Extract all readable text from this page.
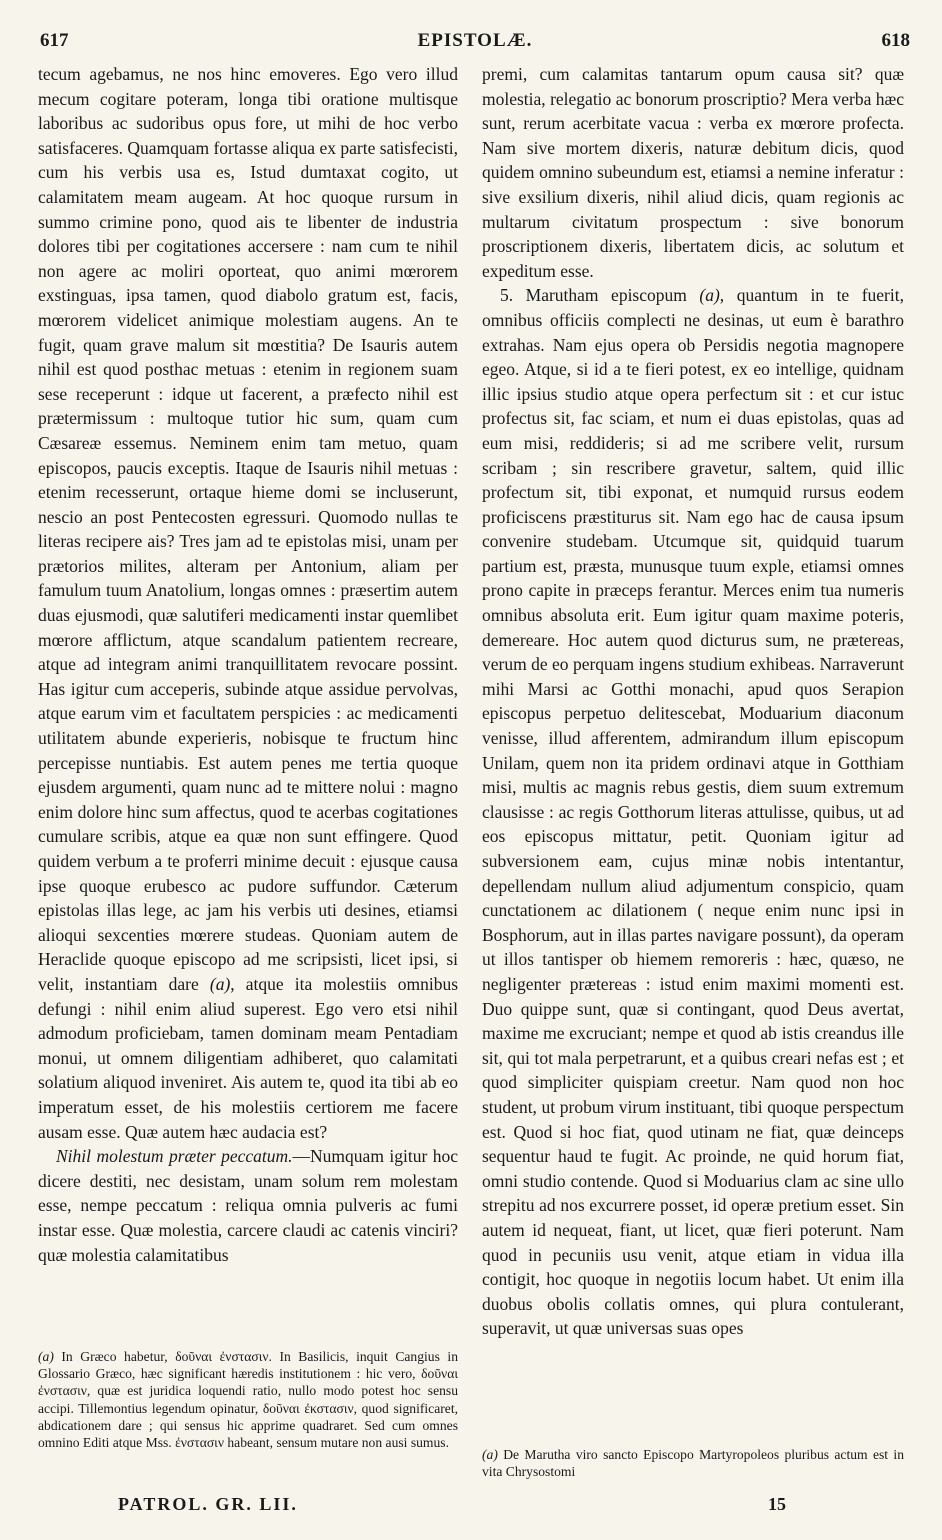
617	EPISTOLÆ.	618

tecum agebamus, ne nos hinc emoveres. Ego vero illud mecum cogitare poteram, longa tibi oratione multisque laboribus ac sudoribus opus fore, ut mihi de hoc verbo satisfaceres. Quamquam fortasse aliqua ex parte satisfecisti, cum his verbis usa es, Istud dumtaxat cogito, ut calamitatem meam augeam. At hoc quoque rursum in summo crimine pono, quod ais te libenter de industria dolores tibi per cogitationes accersere : nam cum te nihil non agere ac moliri oporteat, quo animi mœrorem exstinguas, ipsa tamen, quod diabolo gratum est, facis, mœrorem videlicet animique molestiam augens. An te fugit, quam grave malum sit mœstitia? De Isauris autem nihil est quod posthac metuas : etenim in regionem suam sese receperunt : idque ut facerent, a præfecto nihil est prætermissum : multoque tutior hic sum, quam cum Cæsareæ essemus. Neminem enim tam metuo, quam episcopos, paucis exceptis. Itaque de Isauris nihil metuas : etenim recesserunt, ortaque hieme domi se incluserunt, nescio an post Pentecosten egressuri. Quomodo nullas te literas recipere ais? Tres jam ad te epistolas misi, unam per prætorios milites, alteram per Antonium, aliam per famulum tuum Anatolium, longas omnes : præsertim autem duas ejusmodi, quæ salutiferi medicamenti instar quemlibet mœrore afflictum, atque scandalum patientem recreare, atque ad integram animi tranquillitatem revocare possint. Has igitur cum acceperis, subinde atque assidue pervolvas, atque earum vim et facultatem perspicies : ac medicamenti utilitatem abunde experieris, nobisque te fructum hinc percepisse nuntiabis. Est autem penes me tertia quoque ejusdem argumenti, quam nunc ad te mittere nolui : magno enim dolore hinc sum affectus, quod te acerbas cogitationes cumulare scribis, atque ea quæ non sunt effingere. Quod quidem verbum a te proferri minime decuit : ejusque causa ipse quoque erubesco ac pudore suffundor. Cæterum epistolas illas lege, ac jam his verbis uti desines, etiamsi alioqui sexcenties mœrere studeas. Quoniam autem de Heraclide quoque episcopo ad me scripsisti, licet ipsi, si velit, instantiam dare (a), atque ita molestiis omnibus defungi : nihil enim aliud superest. Ego vero etsi nihil admodum proficiebam, tamen dominam meam Pentadiam monui, ut omnem diligentiam adhiberet, quo calamitati solatium aliquod inveniret. Ais autem te, quod ita tibi ab eo imperatum esset, de his molestiis certiorem me facere ausam esse. Quæ autem hæc audacia est?

Nihil molestum præter peccatum.—Numquam igitur hoc dicere destiti, nec desistam, unam solum rem molestam esse, nempe peccatum : reliqua omnia pulveris ac fumi instar esse. Quæ molestia, carcere claudi ac catenis vinciri? quæ molestia calamitatibus

premi, cum calamitas tantarum opum causa sit? quæ molestia, relegatio ac bonorum proscriptio? Mera verba hæc sunt, rerum acerbitate vacua : verba ex mœrore profecta. Nam sive mortem dixeris, naturæ debitum dicis, quod quidem omnino subeundum est, etiamsi a nemine inferatur : sive exsilium dixeris, nihil aliud dicis, quam regionis ac multarum civitatum prospectum : sive bonorum proscriptionem dixeris, libertatem dicis, ac solutum et expeditum esse.

5. Marutham episcopum (a), quantum in te fuerit, omnibus officiis complecti ne desinas, ut eum è barathro extrahas. Nam ejus opera ob Persidis negotia magnopere egeo. Atque, si id a te fieri potest, ex eo intellige, quidnam illic ipsius studio atque opera perfectum sit : et cur istuc profectus sit, fac sciam, et num ei duas epistolas, quas ad eum misi, reddideris; si ad me scribere velit, rursum scribam ; sin rescribere gravetur, saltem, quid illic profectum sit, tibi exponat, et numquid rursus eodem proficiscens præstiturus sit. Nam ego hac de causa ipsum convenire studebam. Utcumque sit, quidquid tuarum partium est, præsta, munusque tuum exple, etiamsi omnes prono capite in præceps ferantur. Merces enim tua numeris omnibus absoluta erit. Eum igitur quam maxime poteris, demereare. Hoc autem quod dicturus sum, ne prætereas, verum de eo perquam ingens studium exhibeas. Narraverunt mihi Marsi ac Gotthi monachi, apud quos Serapion episcopus perpetuo delitescebat, Moduarium diaconum venisse, illud afferentem, admirandum illum episcopum Unilam, quem non ita pridem ordinavi atque in Gotthiam misi, multis ac magnis rebus gestis, diem suum extremum clausisse : ac regis Gotthorum literas attulisse, quibus, ut ad eos episcopus mittatur, petit. Quoniam igitur ad subversionem eam, cujus minæ nobis intentantur, depellendam nullum aliud adjumentum conspicio, quam cunctationem ac dilationem ( neque enim nunc ipsi in Bosphorum, aut in illas partes navigare possunt), da operam ut illos tantisper ob hiemem remoreris : hæc, quæso, ne negligenter prætereas : istud enim maximi momenti est. Duo quippe sunt, quæ si contingant, quod Deus avertat, maxime me excruciant; nempe et quod ab istis creandus ille sit, qui tot mala perpetrarunt, et a quibus creari nefas est ; et quod simpliciter quispiam creetur. Nam quod non hoc student, ut probum virum instituant, tibi quoque perspectum est. Quod si hoc fiat, quod utinam ne fiat, quæ deinceps sequentur haud te fugit. Ac proinde, ne quid horum fiat, omni studio contende. Quod si Moduarius clam ac sine ullo strepitu ad nos excurrere posset, id operæ pretium esset. Sin autem id nequeat, fiant, ut licet, quæ fieri poterunt. Nam quod in pecuniis usu venit, atque etiam in vidua illa contigit, hoc quoque in negotiis locum habet. Ut enim illa duobus obolis collatis omnes, qui plura contulerant, superavit, ut quæ universas suas opes

(a) In Græco habetur, δοῦναι ἐνστασιν. In Basilicis, inquit Cangius in Glossario Græco, hæc significant hæredis institutionem : hic vero, δοῦναι ἐνστασιν, quæ est juridica loquendi ratio, nullo modo potest hoc sensu accipi. Tillemontius legendum opinatur, δοῦναι ἐκστασιν, quod significaret, abdicationem dare ; qui sensus hic apprime quadraret. Sed cum omnes omnino Editi atque Mss. ἐνστασιν habeant, sensum mutare non ausi sumus.
(a) De Marutha viro sancto Episcopo Martyropoleos pluribus actum est in vita Chrysostomi
PATROL. GR. LII.	15
